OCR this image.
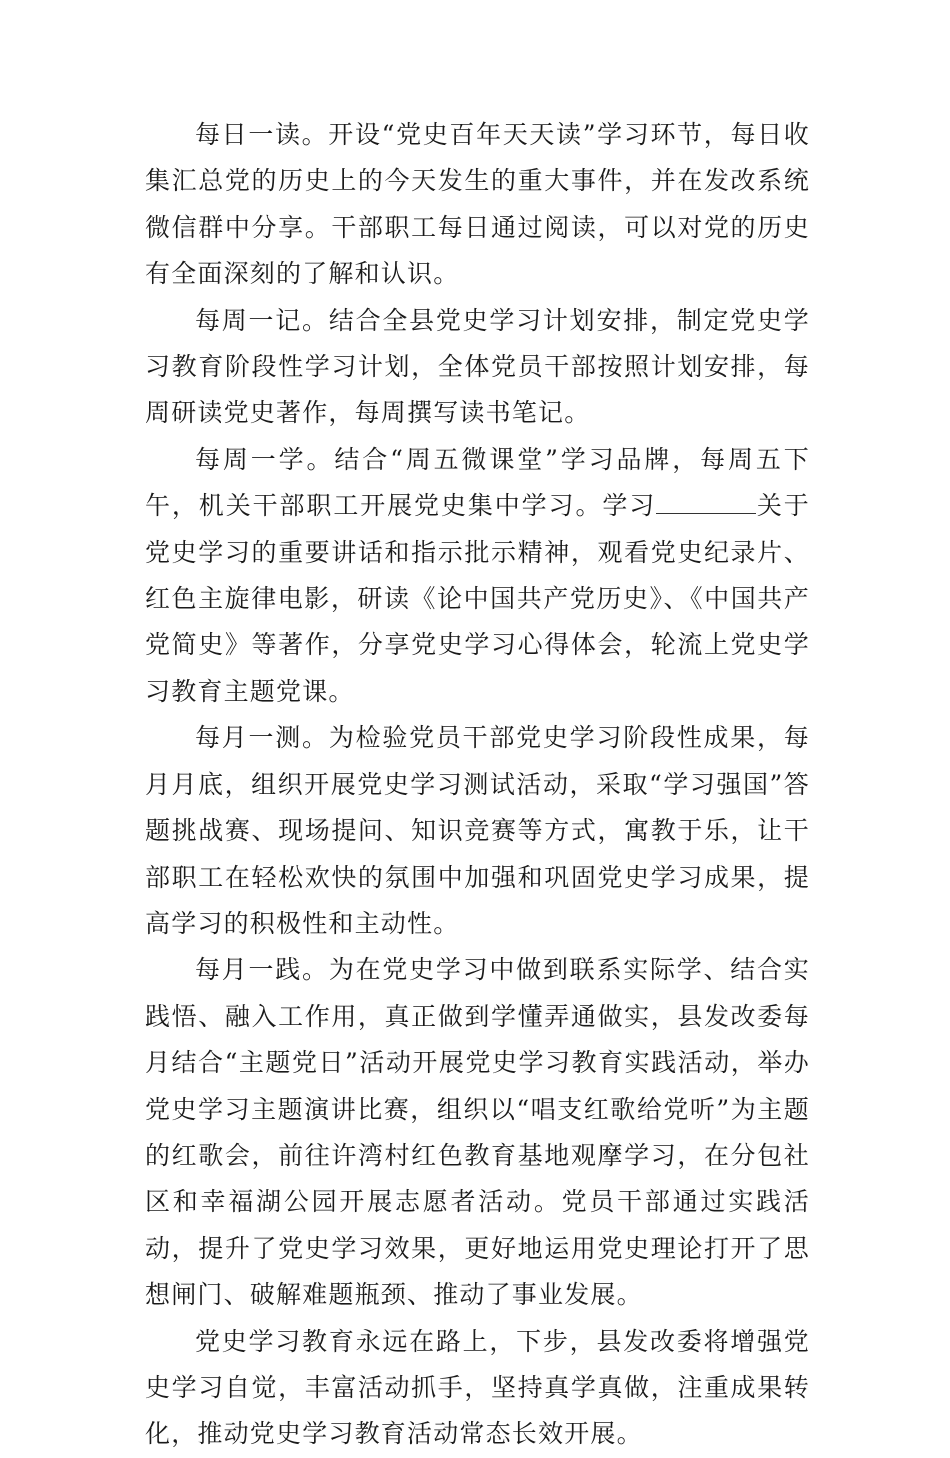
每日一读。开设“党史百年天天读”学习环节，每日收集汇总党的历史上的今天发生的重大事件，并在发改系统微信群中分享。干部职工每日通过阅读，可以对党的历史有全面深刻的了解和认识。

每周一记。结合全县党史学习计划安排，制定党史学习教育阶段性学习计划，全体党员干部按照计划安排，每周研读党史著作，每周撰写读书笔记。

每周一学。结合“周五微课堂”学习品牌，每周五下午，机关干部职工开展党史集中学习。学习	关于党史学习的重要讲话和指示批示精神，观看党史纪录片、红色主旋律电影，研读《论中国共产党历史》、《中国共产党简史》等著作，分享党史学习心得体会，轮流上党史学习教育主题党课。

每月一测。为检验党员干部党史学习阶段性成果，每月月底，组织开展党史学习测试活动，采取“学习强国”答题挑战赛、现场提问、知识竞赛等方式，寓教于乐，让干部职工在轻松欢快的氛围中加强和巩固党史学习成果，提高学习的积极性和主动性。

每月一践。为在党史学习中做到联系实际学、结合实践悟、融入工作用，真正做到学懂弄通做实，县发改委每月结合“主题党日”活动开展党史学习教育实践活动，举办党史学习主题演讲比赛，组织以“唱支红歌给党听”为主题的红歌会，前往许湾村红色教育基地观摩学习，在分包社区和幸福湖公园开展志愿者活动。党员干部通过实践活动，提升了党史学习效果，更好地运用党史理论打开了思想闸门、破解难题瓶颈、推动了事业发展。

党史学习教育永远在路上，下步，县发改委将增强党史学习自觉，丰富活动抓手，坚持真学真做，注重成果转化，推动党史学习教育活动常态长效开展。
